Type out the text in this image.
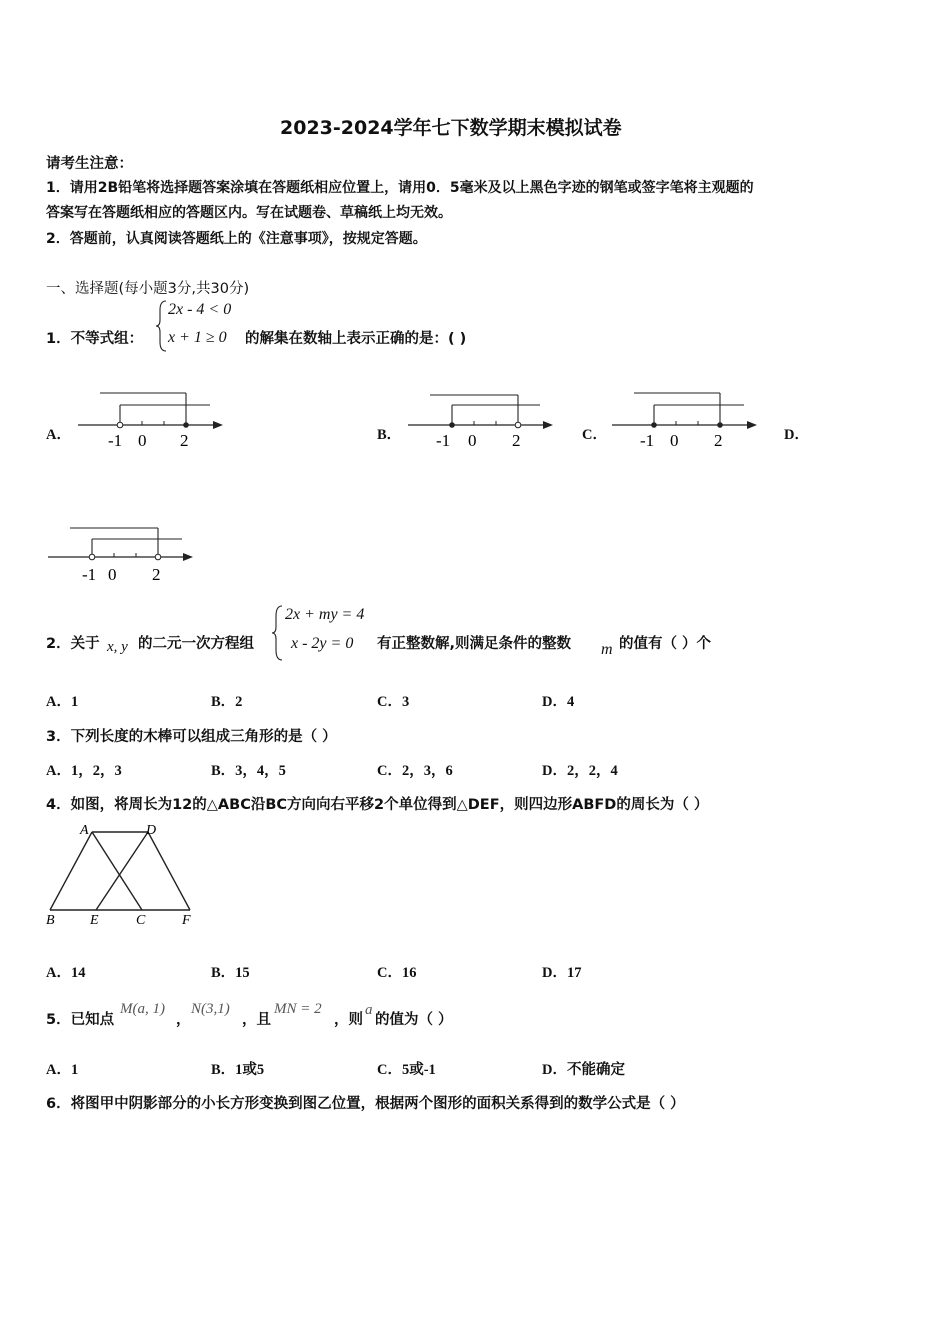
2023-2024学年七下数学期末模拟试卷
请考生注意：
1．请用2B铅笔将选择题答案涂填在答题纸相应位置上，请用0．5毫米及以上黑色字迹的钢笔或签字笔将主观题的
答案写在答题纸相应的答题区内。写在试题卷、草稿纸上均无效。
2．答题前，认真阅读答题纸上的《注意事项》，按规定答题。
一、选择题(每小题3分,共30分)
1．不等式组：
2x - 4 < 0
x + 1 ≥ 0 的解集在数轴上表示正确的是：( )
A．	B．	C．	D．
-1 0 2	-1 0 2	-1 0 2
-1 0 2
2．关于 x, y 的二元一次方程组
2x + my = 4
x - 2y = 0 有正整数解,则满足条件的整数 m 的值有（ ）个
A．1	B．2	C．3	D．4
3．下列长度的木棒可以组成三角形的是（ ）
A．1，2，3	B．3，4，5	C．2，3，6	D．2，2，4
4．如图，将周长为12的△ABC沿BC方向向右平移2个单位得到△DEF，则四边形ABFD的周长为（ ）
A	D
B	E	C	F
A．14	B．15	C．16	D．17
5．已知点
M(a, 1)
，
N(3,1)
，且
MN = 2
，则
a
的值为（ ）
A．1	B．1或5	C．5或-1	D．不能确定
6．将图甲中阴影部分的小长方形变换到图乙位置，根据两个图形的面积关系得到的数学公式是（ ）
